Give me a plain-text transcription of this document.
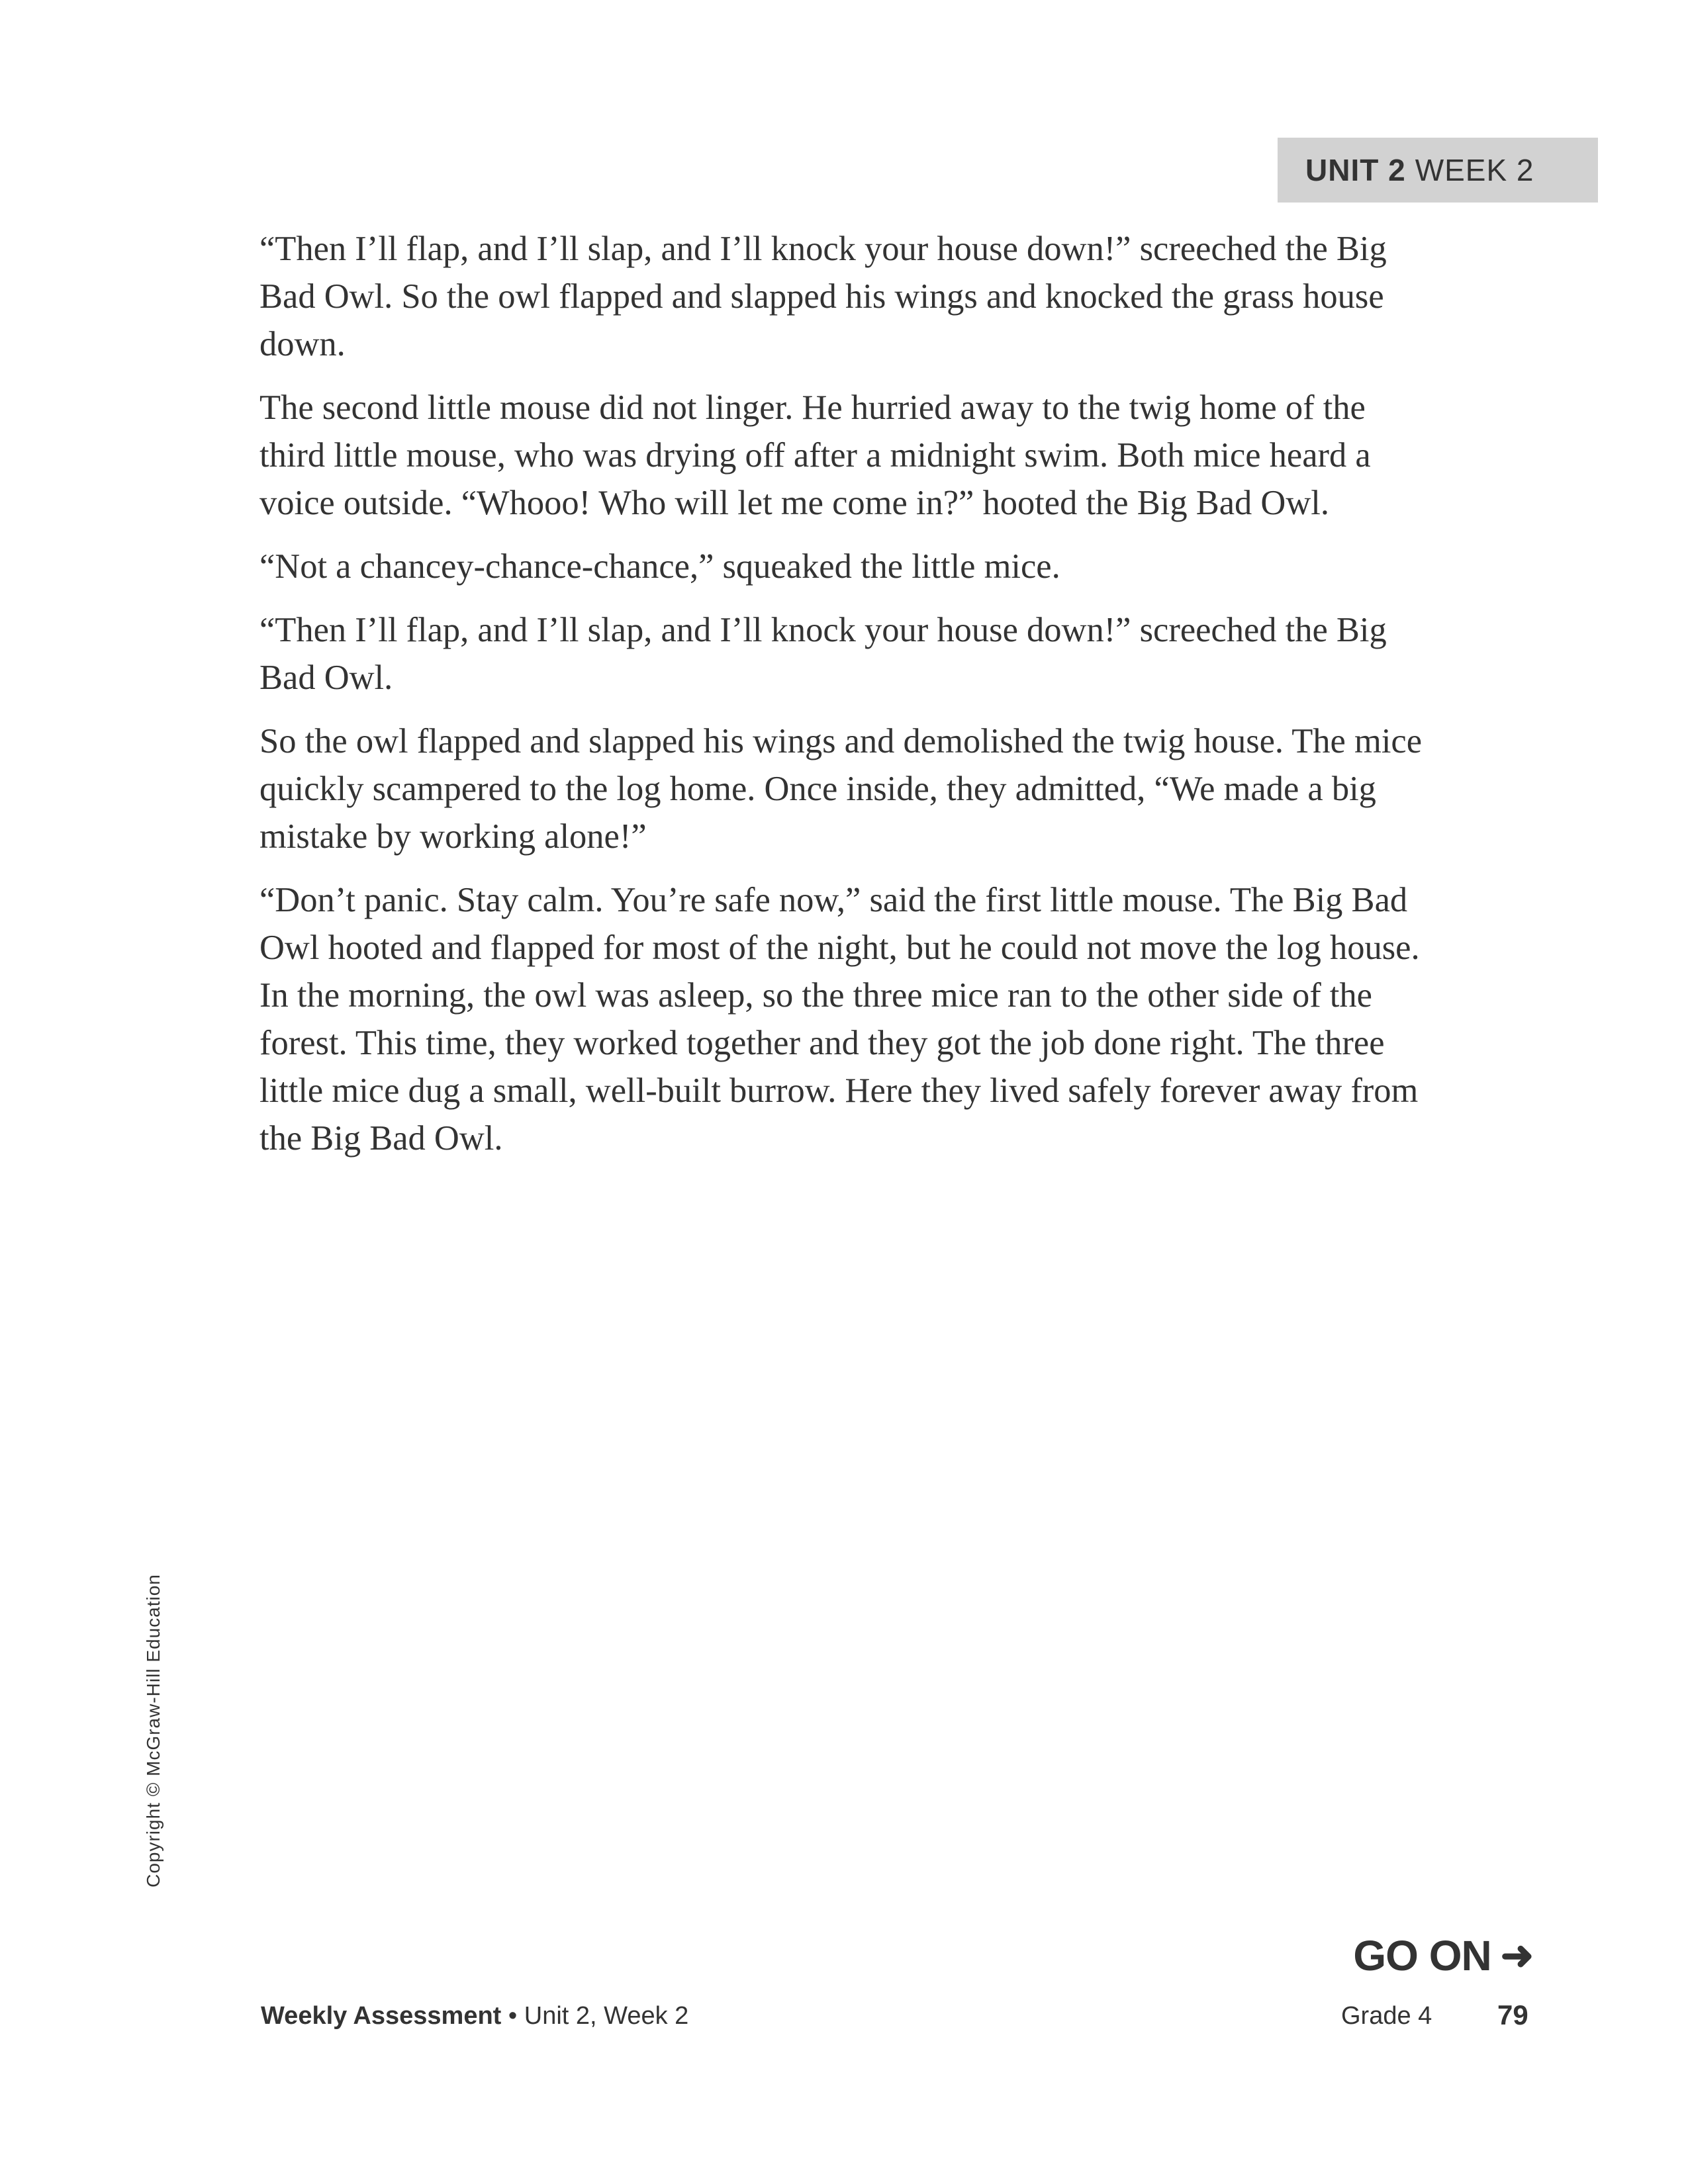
UNIT 2 WEEK 2

“Then I’ll flap, and I’ll slap, and I’ll knock your house down!” screeched the Big Bad Owl. So the owl flapped and slapped his wings and knocked the grass house down.

The second little mouse did not linger. He hurried away to the twig home of the third little mouse, who was drying off after a midnight swim. Both mice heard a voice outside. “Whooo! Who will let me come in?” hooted the Big Bad Owl.

“Not a chancey-chance-chance,” squeaked the little mice.

“Then I’ll flap, and I’ll slap, and I’ll knock your house down!” screeched the Big Bad Owl.

So the owl flapped and slapped his wings and demolished the twig house. The mice quickly scampered to the log home. Once inside, they admitted, “We made a big mistake by working alone!”

“Don’t panic. Stay calm. You’re safe now,” said the first little mouse. The Big Bad Owl hooted and flapped for most of the night, but he could not move the log house. In the morning, the owl was asleep, so the three mice ran to the other side of the forest. This time, they worked together and they got the job done right. The three little mice dug a small, well-built burrow. Here they lived safely forever away from the Big Bad Owl.

Copyright © McGraw-Hill Education
GO ON ➜
Weekly Assessment • Unit 2, Week 2	Grade 4 79
